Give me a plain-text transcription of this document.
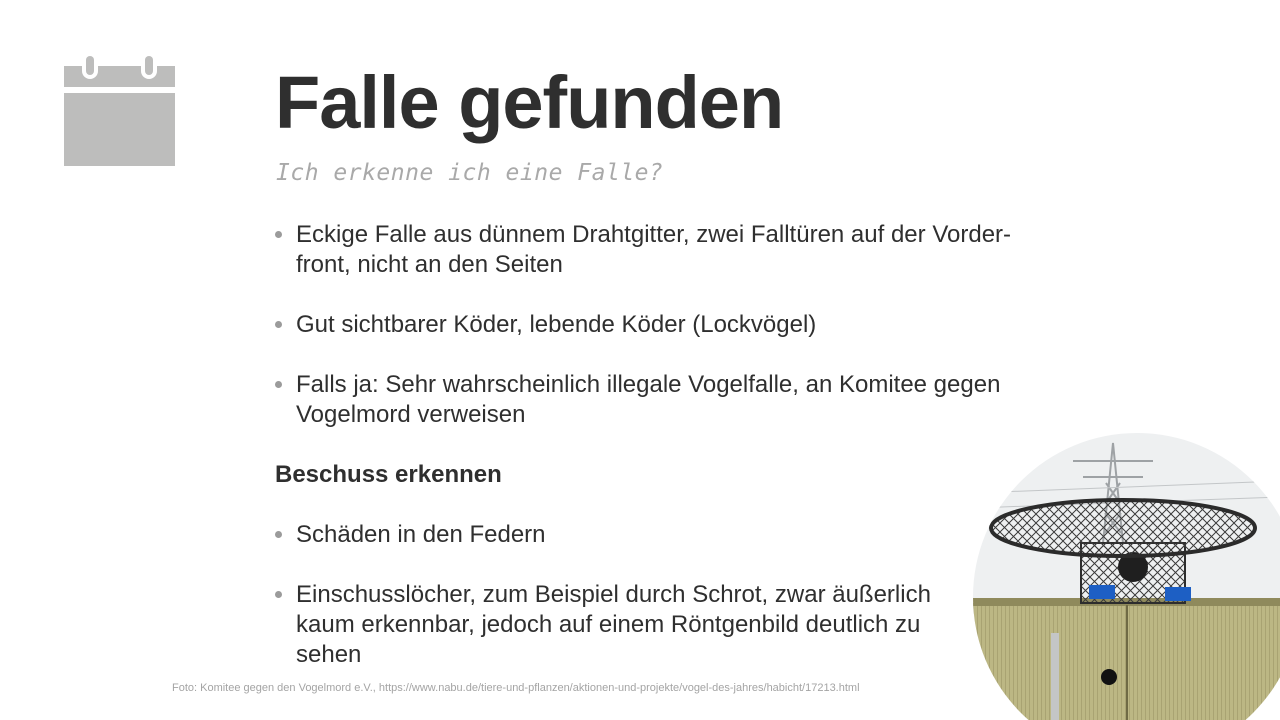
Falle gefunden
Ich erkenne ich eine Falle?
Eckige Falle aus dünnem Drahtgitter, zwei Falltüren auf der Vorder-front, nicht an den Seiten
Gut sichtbarer Köder, lebende Köder (Lockvögel)
Falls ja: Sehr wahrscheinlich illegale Vogelfalle, an Komitee gegen Vogelmord verweisen
Beschuss erkennen
Schäden in den Federn
Einschusslöcher, zum Beispiel durch Schrot, zwar äußerlich kaum erkennbar, jedoch auf einem Röntgenbild deutlich zu sehen
Foto: Komitee gegen den Vogelmord e.V., https://www.nabu.de/tiere-und-pflanzen/aktionen-und-projekte/vogel-des-jahres/habicht/17213.html
